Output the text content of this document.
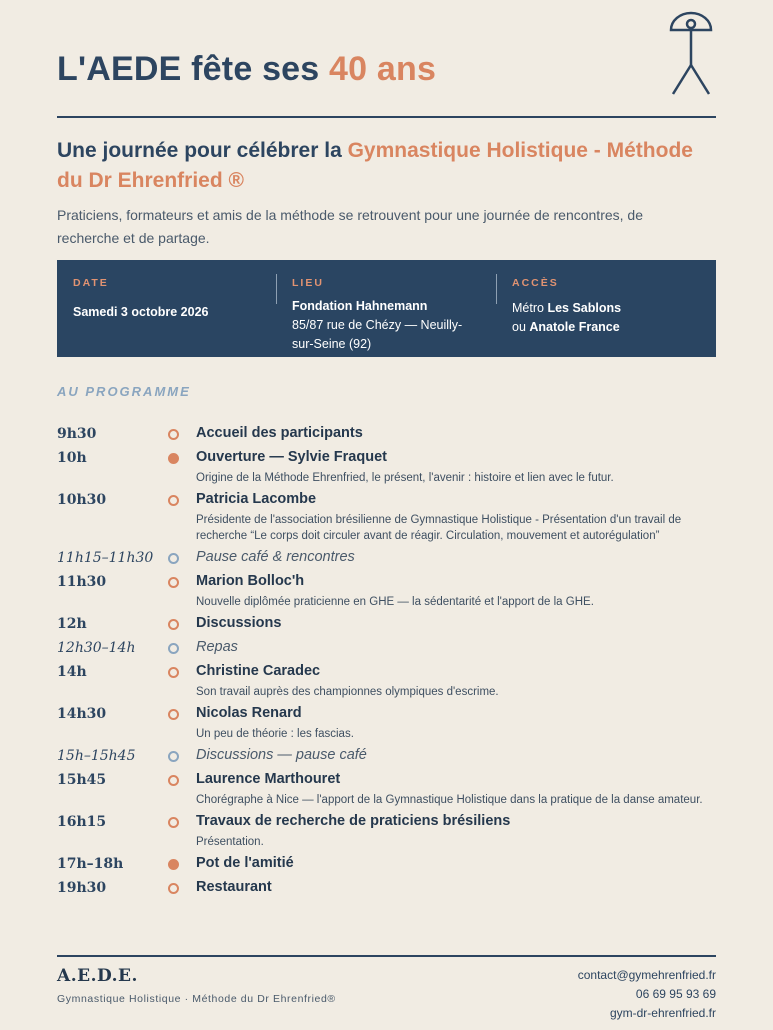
L'AEDE fête ses 40 ans
Une journée pour célébrer la Gymnastique Holistique - Méthode du Dr Ehrenfried ®

Praticiens, formateurs et amis de la méthode se retrouvent pour une journée de rencontres, de recherche et de partage.

DATE
Samedi 3 octobre 2026
LIEU
Fondation Hahnemann
85/87 rue de Chézy — Neuilly-sur-Seine (92)
ACCÈS
Métro Les Sablons
ou Anatole France
AU PROGRAMME
9h30	Accueil des participants
10h	Ouverture — Sylvie Fraquet
Origine de la Méthode Ehrenfried, le présent, l'avenir : histoire et lien avec le futur.
10h30	Patricia Lacombe
Présidente de l'association brésilienne de Gymnastique Holistique - Présentation d'un travail de recherche “Le corps doit circuler avant de réagir. Circulation, mouvement et autorégulation”
11h15–11h30	Pause café & rencontres
11h30	Marion Bolloc'h
Nouvelle diplômée praticienne en GHE — la sédentarité et l'apport de la GHE.
12h	Discussions
12h30–14h	Repas
14h	Christine Caradec
Son travail auprès des championnes olympiques d'escrime.
14h30	Nicolas Renard
Un peu de théorie : les fascias.
15h–15h45	Discussions — pause café
15h45	Laurence Marthouret
Chorégraphe à Nice — l'apport de la Gymnastique Holistique dans la pratique de la danse amateur.
16h15	Travaux de recherche de praticiens brésiliens
Présentation.
17h–18h	Pot de l'amitié
19h30	Restaurant
A.E.D.E.
Gymnastique Holistique · Méthode du Dr Ehrenfried®
contact@gymehrenfried.fr
06 69 95 93 69
gym-dr-ehrenfried.fr
